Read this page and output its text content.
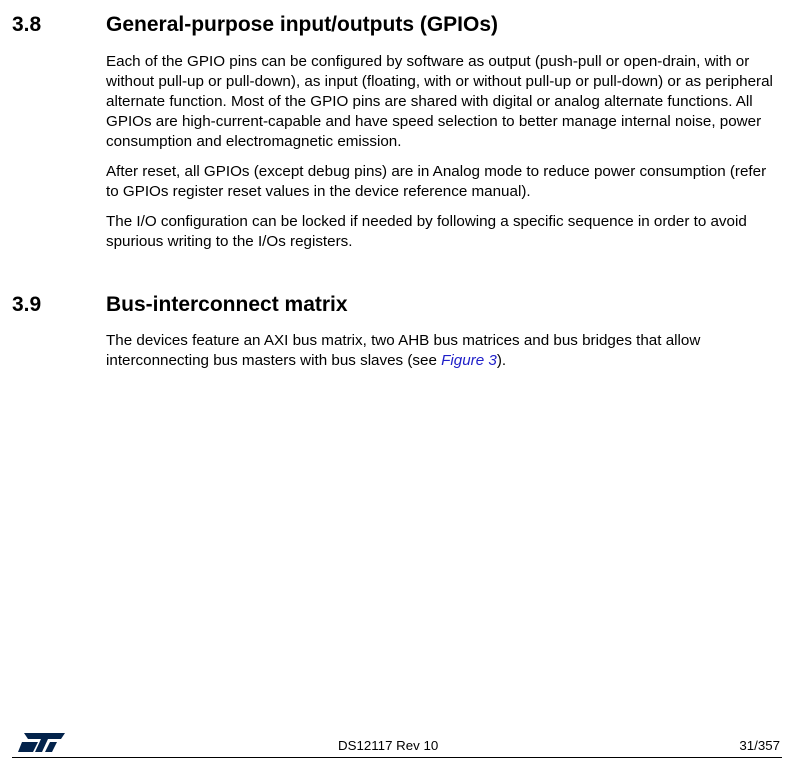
3.8	General-purpose input/outputs (GPIOs)
Each of the GPIO pins can be configured by software as output (push-pull or open-drain, with or without pull-up or pull-down), as input (floating, with or without pull-up or pull-down) or as peripheral alternate function. Most of the GPIO pins are shared with digital or analog alternate functions. All GPIOs are high-current-capable and have speed selection to better manage internal noise, power consumption and electromagnetic emission.
After reset, all GPIOs (except debug pins) are in Analog mode to reduce power consumption (refer to GPIOs register reset values in the device reference manual).
The I/O configuration can be locked if needed by following a specific sequence in order to avoid spurious writing to the I/Os registers.
3.9	Bus-interconnect matrix
The devices feature an AXI bus matrix, two AHB bus matrices and bus bridges that allow interconnecting bus masters with bus slaves (see Figure 3).
DS12117 Rev 10	31/357
